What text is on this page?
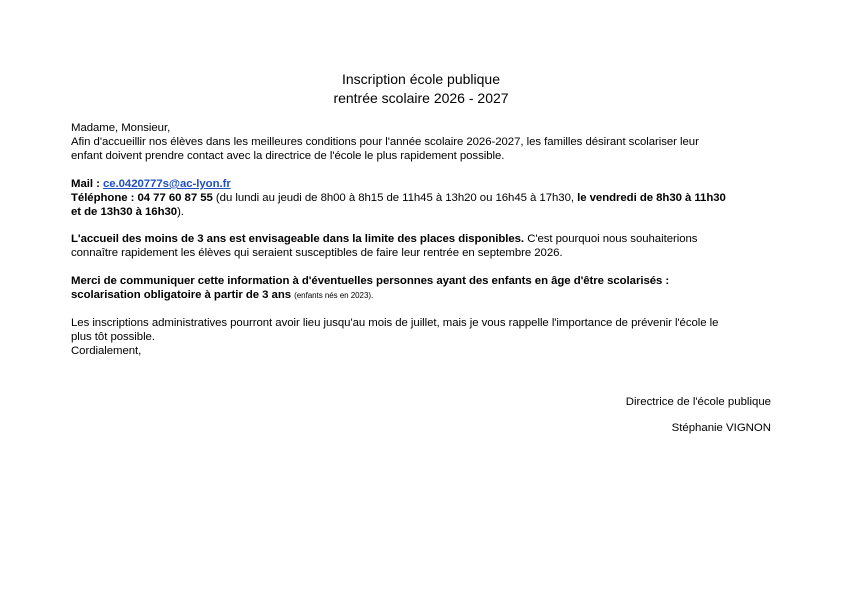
Inscription école publique
rentrée scolaire 2026 - 2027
Madame, Monsieur,
Afin d'accueillir nos élèves dans les meilleures conditions pour l'année scolaire 2026-2027, les familles désirant scolariser leur
enfant doivent prendre contact avec la directrice de l'école le plus rapidement possible.
Mail : ce.0420777s@ac-lyon.fr
Téléphone : 04 77 60 87 55 (du lundi au jeudi de 8h00 à 8h15 de 11h45 à 13h20 ou 16h45 à 17h30, le vendredi de 8h30 à 11h30
et de 13h30 à 16h30).
L'accueil des moins de 3 ans est envisageable dans la limite des places disponibles. C'est pourquoi nous souhaiterions
connaître rapidement les élèves qui seraient susceptibles de faire leur rentrée en septembre 2026.
Merci de communiquer cette information à d'éventuelles personnes ayant des enfants en âge d'être scolarisés :
scolarisation obligatoire à partir de 3 ans (enfants nés en 2023).
Les inscriptions administratives pourront avoir lieu jusqu'au mois de juillet, mais je vous rappelle l'importance de prévenir l'école le
plus tôt possible.
Cordialement,
Directrice de l'école publique
Stéphanie VIGNON
